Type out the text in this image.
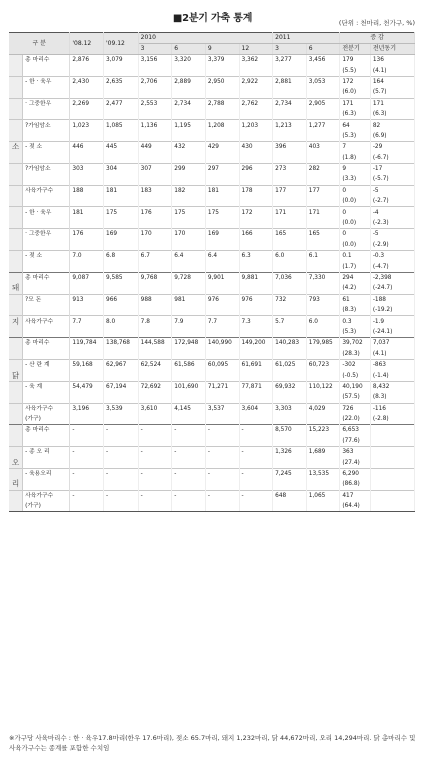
■2분기 가축 통계	(단위 : 천마리, 천가구, %)
구 분		'08.12	'09.12	2010				2011		증 감	
				3	6	9	12	3	6	전분기	전년동기
	총 마리수	2,876	3,079	3,156	3,320	3,379	3,362	3,277	3,456	179	136
										(5.5)	(4.1)
	- 한 · 육우	2,430	2,635	2,706	2,889	2,950	2,922	2,881	3,053	172	164
										(6.0)	(5.7)
	· 그중한우	2,269	2,477	2,553	2,734	2,788	2,762	2,734	2,905	171	171
										(6.3)	(6.3)
	?가임암소	1,023	1,085	1,136	1,195	1,208	1,203	1,213	1,277	64	82
										(5.3)	(6.9)
소	- 젖 소	446	445	449	432	429	430	396	403	7	-29
										(1.8)	(-6.7)
	?가임암소	303	304	307	299	297	296	273	282	9	-17
										(3.3)	(-5.7)
	사육가구수	188	181	183	182	181	178	177	177	0	-5
										(0.0)	(-2.7)
	- 한 · 육우	181	175	176	175	175	172	171	171	0	-4
										(0.0)	(-2.3)
	· 그중한우	176	169	170	170	169	166	165	165	0	-5
										(0.0)	(-2.9)
	- 젖 소	7.0	6.8	6.7	6.4	6.4	6.3	6.0	6.1	0.1	-0.3
										(1.7)	(-4.7)
	총 마리수	9,087	9,585	9,768	9,728	9,901	9,881	7,036	7,330	294	-2,398
돼										(4.2)	(-24.7)
	?모 돈	913	966	988	981	976	976	732	793	61	-188
										(8.3)	(-19.2)
지	사육가구수	7.7	8.0	7.8	7.9	7.7	7.3	5.7	6.0	0.3	-1.9
										(5.3)	(-24.1)
	총 마리수	119,784	138,768	144,588	172,948	140,990	149,200	140,283	179,985	39,702	7,037
										(28.3)	(4.1)
	- 산 란 계	59,168	62,967	62,524	61,586	60,095	61,691	61,025	60,723	-302	-863
닭										(-0.5)	(-1.4)
	- 육 계	54,479	67,194	72,692	101,690	71,271	77,871	69,932	110,122	40,190	8,432
										(57.5)	(8.3)
	사육가구수	3,196	3,539	3,610	4,145	3,537	3,604	3,303	4,029	726	-116
	(가구)									(22.0)	(-2.8)
	총 마리수	-	-	-	-	-	-	8,570	15,223	6,653	
										(77.6)	
	- 종 오 리	-	-	-	-	-	-	1,326	1,689	363	
오										(27.4)	
	- 육용오리	-	-	-	-	-	-	7,245	13,535	6,290	
리										(86.8)	
	사육가구수	-	-	-	-	-	-	648	1,065	417	
	(가구)									(64.4)	
※가구당 사육마리수 : 한 · 육우17.8마리(한우 17.6마리), 젖소 65.7마리, 돼지 1,232마리, 닭 44,672마리, 오리 14,294마리. 닭 총마리수 및 사육가구수는 종계를 포함한 수치임
